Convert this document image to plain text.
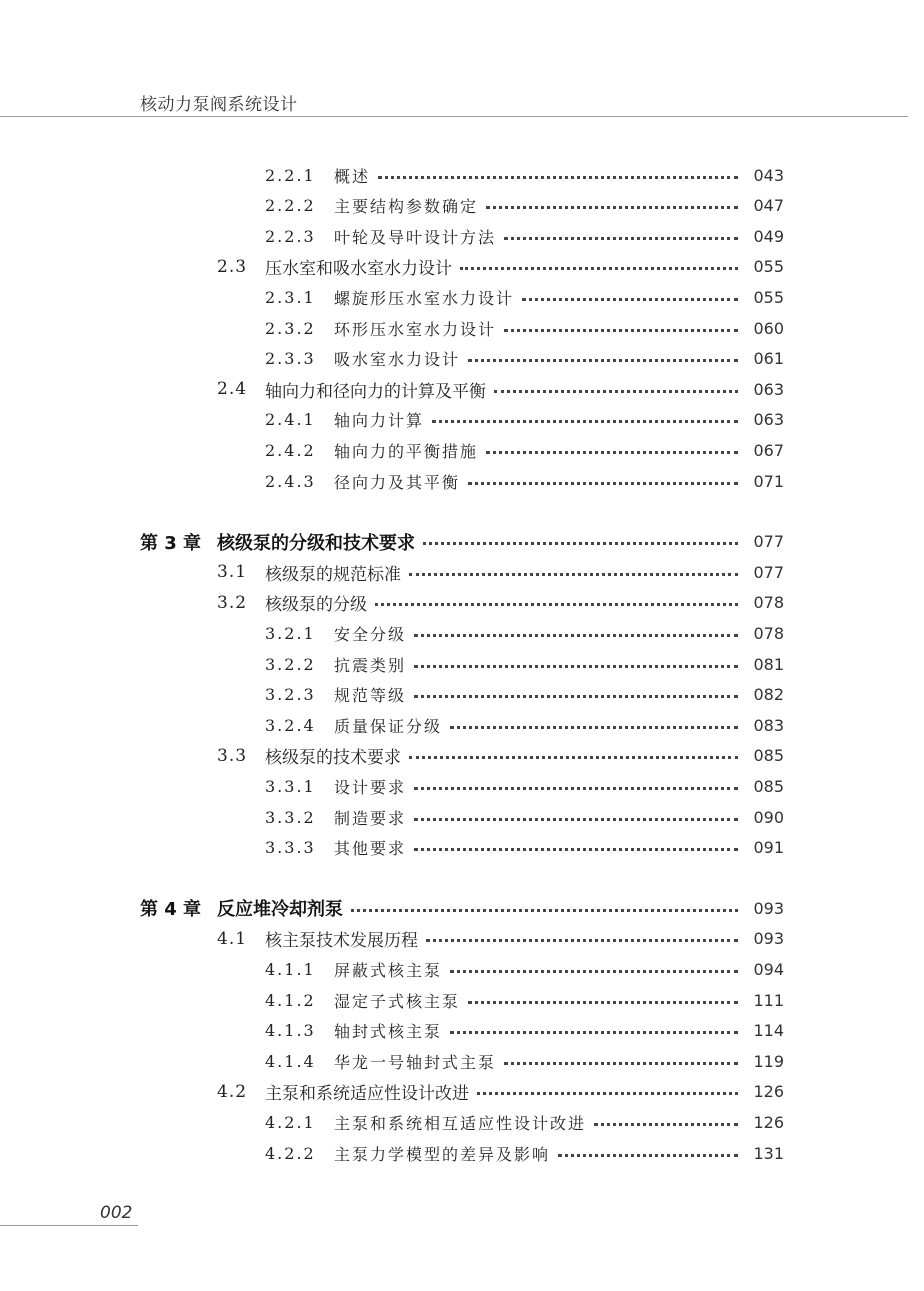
核动力泵阀系统设计
2.2.1	概述	043
2.2.2	主要结构参数确定	047
2.2.3	叶轮及导叶设计方法	049
2.3	压水室和吸水室水力设计	055
2.3.1	螺旋形压水室水力设计	055
2.3.2	环形压水室水力设计	060
2.3.3	吸水室水力设计	061
2.4	轴向力和径向力的计算及平衡	063
2.4.1	轴向力计算	063
2.4.2	轴向力的平衡措施	067
2.4.3	径向力及其平衡	071
第 3 章 核级泵的分级和技术要求	077
3.1	核级泵的规范标准	077
3.2	核级泵的分级	078
3.2.1	安全分级	078
3.2.2	抗震类别	081
3.2.3	规范等级	082
3.2.4	质量保证分级	083
3.3	核级泵的技术要求	085
3.3.1	设计要求	085
3.3.2	制造要求	090
3.3.3	其他要求	091
第 4 章 反应堆冷却剂泵	093
4.1	核主泵技术发展历程	093
4.1.1	屏蔽式核主泵	094
4.1.2	湿定子式核主泵	111
4.1.3	轴封式核主泵	114
4.1.4	华龙一号轴封式主泵	119
4.2	主泵和系统适应性设计改进	126
4.2.1	主泵和系统相互适应性设计改进	126
4.2.2	主泵力学模型的差异及影响	131
002
